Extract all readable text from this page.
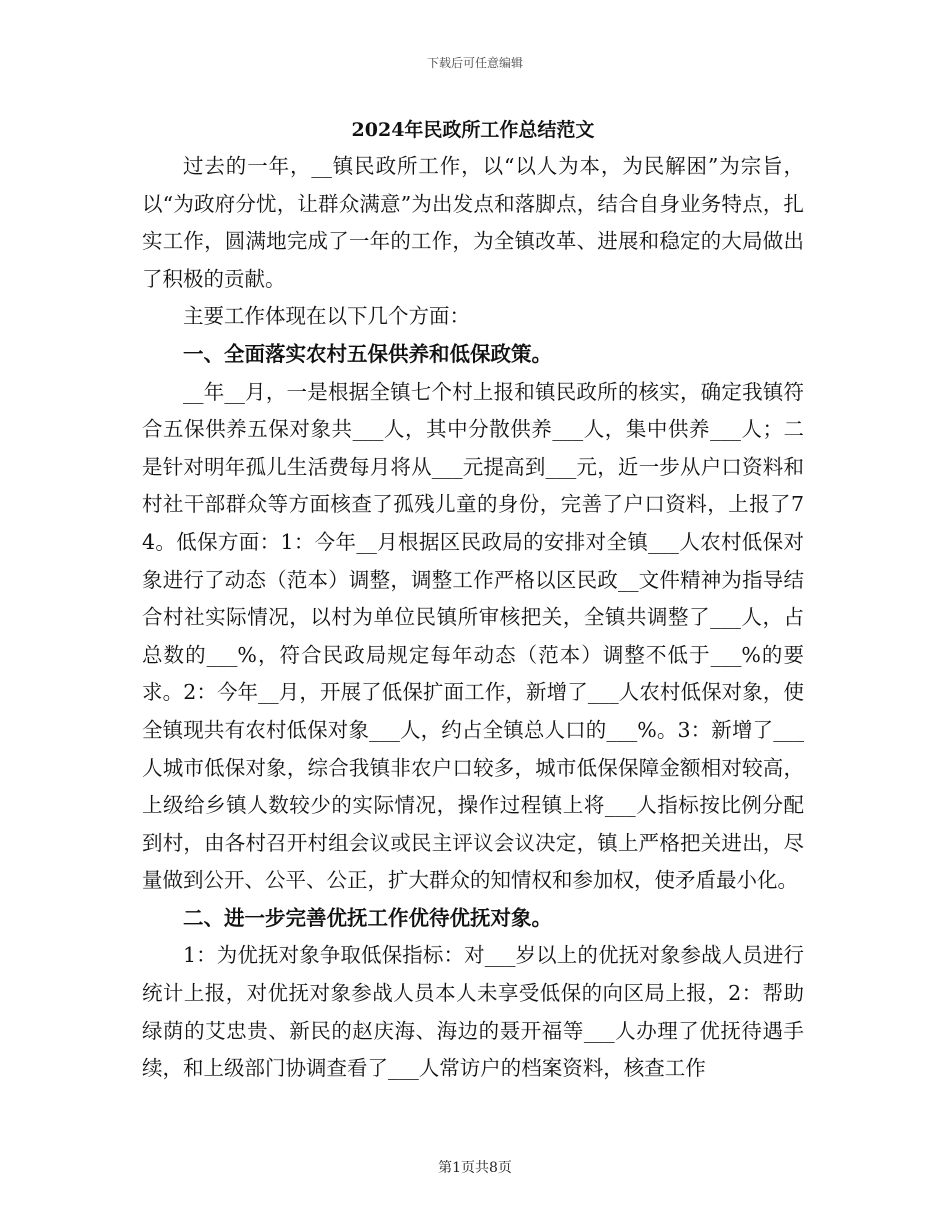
下载后可任意编辑
2024年民政所工作总结范文

过去的一年，__镇民政所工作，以“以人为本，为民解困”为宗旨，以“为政府分忧，让群众满意”为出发点和落脚点，结合自身业务特点，扎实工作，圆满地完成了一年的工作，为全镇改革、进展和稳定的大局做出了积极的贡献。

主要工作体现在以下几个方面：

一、全面落实农村五保供养和低保政策。

__年__月，一是根据全镇七个村上报和镇民政所的核实，确定我镇符合五保供养五保对象共___人，其中分散供养___人，集中供养___人；二是针对明年孤儿生活费每月将从___元提高到___元，近一步从户口资料和村社干部群众等方面核查了孤残儿童的身份，完善了户口资料，上报了74。低保方面：1：今年__月根据区民政局的安排对全镇___人农村低保对象进行了动态（范本）调整，调整工作严格以区民政__文件精神为指导结合村社实际情况，以村为单位民镇所审核把关，全镇共调整了___人，占总数的___%，符合民政局规定每年动态（范本）调整不低于___%的要求。2：今年__月，开展了低保扩面工作，新增了___人农村低保对象，使全镇现共有农村低保对象___人，约占全镇总人口的___%。3：新增了___人城市低保对象，综合我镇非农户口较多，城市低保保障金额相对较高，上级给乡镇人数较少的实际情况，操作过程镇上将___人指标按比例分配到村，由各村召开村组会议或民主评议会议决定，镇上严格把关进出，尽量做到公开、公平、公正，扩大群众的知情权和参加权，使矛盾最小化。

二、进一步完善优抚工作优待优抚对象。

1：为优抚对象争取低保指标：对___岁以上的优抚对象参战人员进行统计上报，对优抚对象参战人员本人未享受低保的向区局上报，2：帮助绿荫的艾忠贵、新民的赵庆海、海边的聂开福等___人办理了优抚待遇手续，和上级部门协调查看了___人常访户的档案资料，核查工作

第1页共8页
